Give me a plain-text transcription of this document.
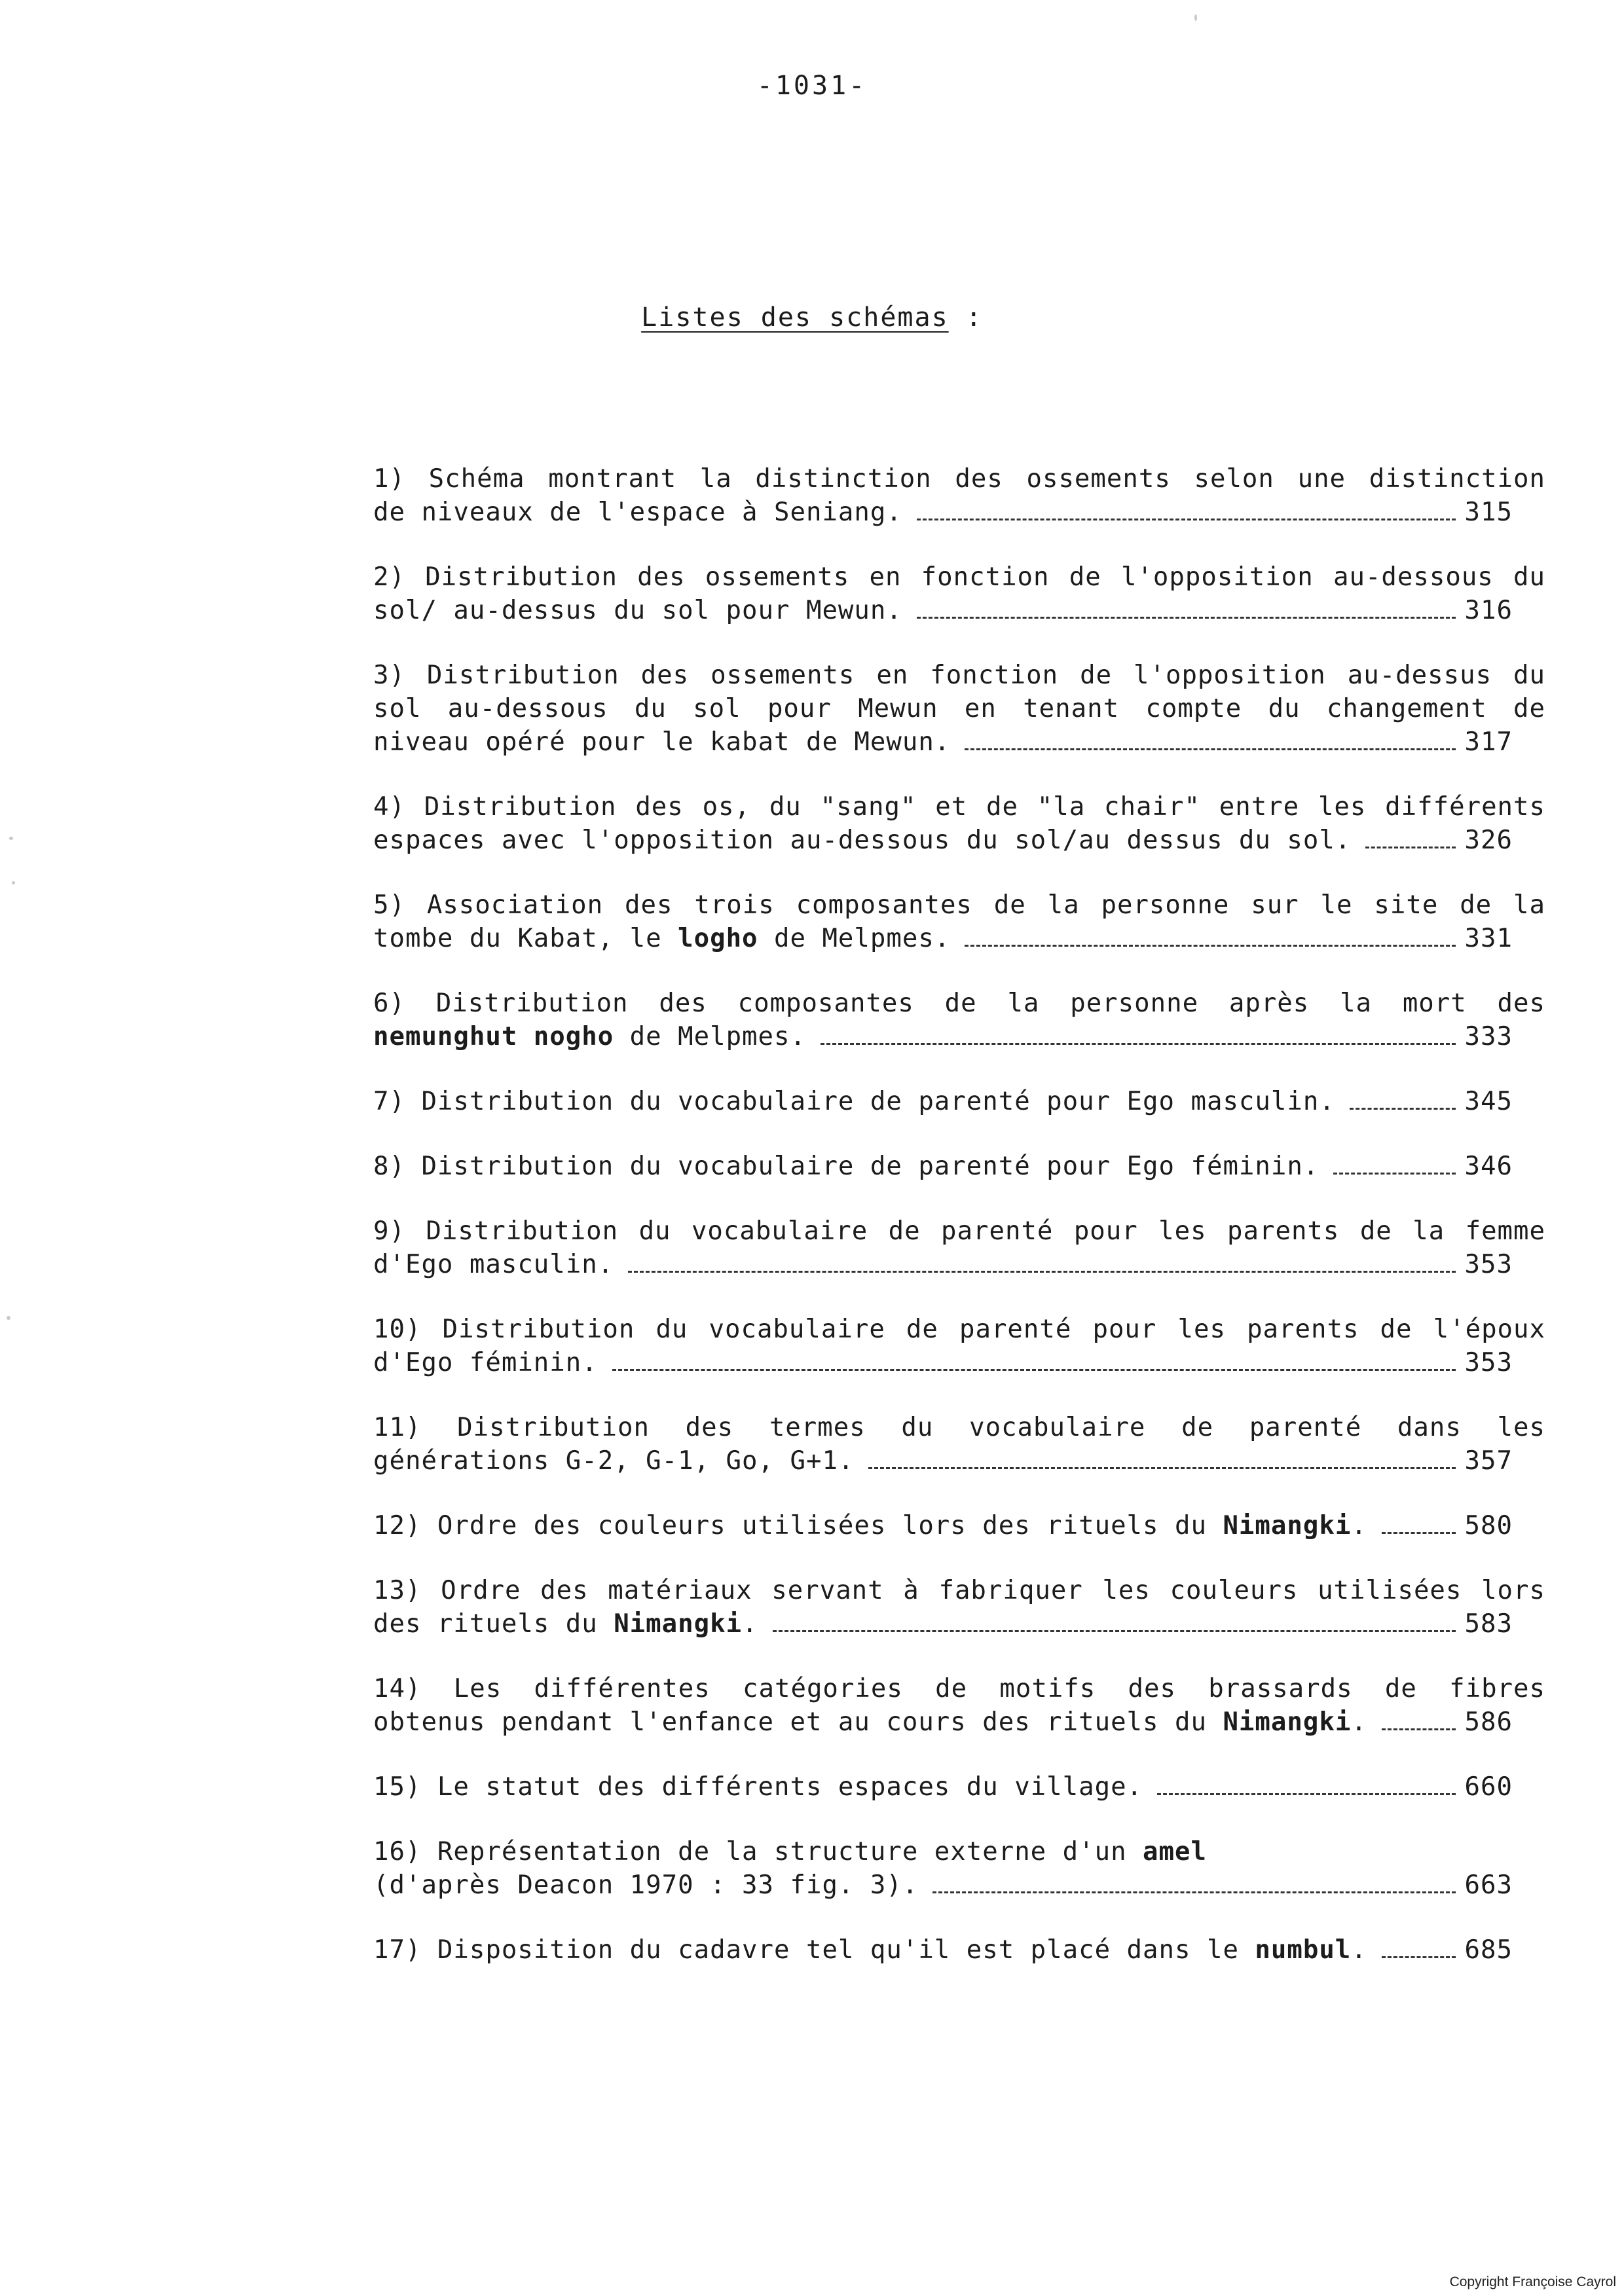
-1031-
Listes des schémas :
1) Schéma montrant la distinction des ossements selon une distinction
de niveaux de l'espace à Seniang.	315
2) Distribution des ossements en fonction de l'opposition au-dessous du
sol/ au-dessus du sol pour Mewun.	316
3) Distribution des ossements en fonction de l'opposition au-dessus du
sol au-dessous du sol pour Mewun en tenant compte du changement de
niveau opéré pour le kabat de Mewun.	317
4) Distribution des os, du "sang" et de "la chair" entre les différents
espaces avec l'opposition au-dessous du sol/au dessus du sol.	326
5) Association des trois composantes de la personne sur le site de la
tombe du Kabat, le logho de Melpmes.	331
6) Distribution des composantes de la personne après la mort des
nemunghut nogho de Melpmes.	333
7) Distribution du vocabulaire de parenté pour Ego masculin.	345
8) Distribution du vocabulaire de parenté pour Ego féminin.	346
9) Distribution du vocabulaire de parenté pour les parents de la femme
d'Ego masculin.	353
10) Distribution du vocabulaire de parenté pour les parents de l'époux
d'Ego féminin.	353
11) Distribution des termes du vocabulaire de parenté dans les
générations G-2, G-1, Go, G+1.	357
12) Ordre des couleurs utilisées lors des rituels du Nimangki.	580
13) Ordre des matériaux servant à fabriquer les couleurs utilisées lors
des rituels du Nimangki.	583
14) Les différentes catégories de motifs des brassards de fibres
obtenus pendant l'enfance et au cours des rituels du Nimangki.	586
15) Le statut des différents espaces du village.	660
16) Représentation de la structure externe d'un amel
(d'après Deacon 1970 : 33 fig. 3).	663
17) Disposition du cadavre tel qu'il est placé dans le numbul.	685
Copyright Françoise Cayrol
